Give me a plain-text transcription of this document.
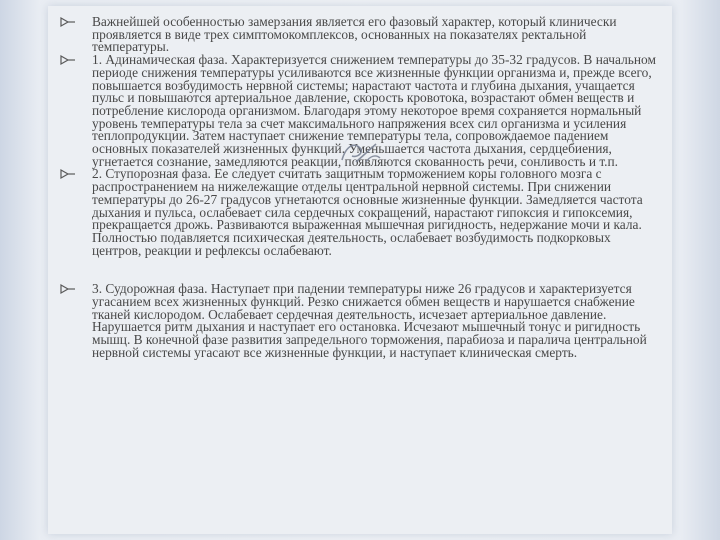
Важнейшей особенностью замерзания является его фазовый характер, который клинически проявляется в виде трех симптомокомплексов, основанных на показателях ректальной температуры.
1. Адинамическая фаза. Характеризуется снижением температуры до 35-32 градусов. В начальном периоде снижения температуры усиливаются все жизненные функции организма и, прежде всего, повышается возбудимость нервной системы; нарастают частота и глубина дыхания, учащается пульс и повышаются артериальное давление, скорость кровотока, возрастают обмен веществ и потребление кислорода организмом. Благодаря этому некоторое время сохраняется нормальный уровень температуры тела за счет максимального напряжения всех сил организма и усиления теплопродукции. Затем наступает снижение температуры тела, сопровождаемое падением основных показателей жизненных функций. Уменьшается частота дыхания, сердцебиения, угнетается сознание, замедляются реакции, появляются скованность речи, сонливость и т.п.
2. Ступорозная фаза. Ее следует считать защитным торможением коры головного мозга с распространением на нижележащие отделы центральной нервной системы. При снижении температуры до 26-27 градусов угнетаются основные жизненные функции. Замедляется частота дыхания и пульса, ослабевает сила сердечных сокращений, нарастают гипоксия и гипоксемия, прекращается дрожь. Развиваются выраженная мышечная ригидность, недержание мочи и кала. Полностью подавляется психическая деятельность, ослабевает возбудимость подкорковых центров, реакции и рефлексы ослабевают.
3. Судорожная фаза. Наступает при падении температуры ниже 26 градусов и характеризуется угасанием всех жизненных функций. Резко снижается обмен веществ и нарушается снабжение тканей кислородом. Ослабевает сердечная деятельность, исчезает артериальное давление. Нарушается ритм дыхания и наступает его остановка. Исчезают мышечный тонус и ригидность мышц. В конечной фазе развития запредельного торможения, парабиоза и паралича центральной нервной системы угасают все жизненные функции, и наступает клиническая смерть.
